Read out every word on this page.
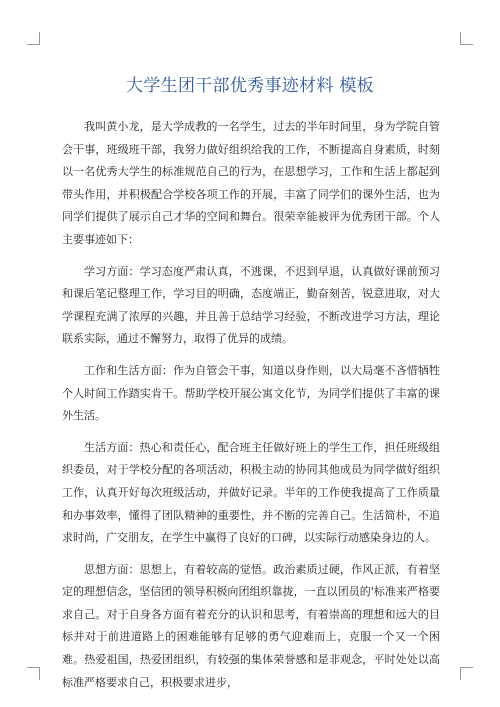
大学生团干部优秀事迹材料 模板

我叫黄小龙，是大学成教的一名学生，过去的半年时间里，身为学院自管会干事，班级班干部，我努力做好组织给我的工作，不断提高自身素质，时刻以一名优秀大学生的标准规范自己的行为，在思想学习，工作和生活上都起到带头作用，并积极配合学校各项工作的开展，丰富了同学们的课外生活，也为同学们提供了展示自己才华的空间和舞台。很荣幸能被评为优秀团干部。个人主要事迹如下：

学习方面：学习态度严肃认真，不逃课，不迟到早退，认真做好课前预习和课后笔记整理工作，学习目的明确，态度端正，勤奋刻苦，锐意进取，对大学课程充满了浓厚的兴趣，并且善于总结学习经验，不断改进学习方法，理论联系实际，通过不懈努力，取得了优异的成绩。

工作和生活方面：作为自管会干事，知道以身作则，以大局毫不吝惜牺牲个人时间工作踏实肯干。帮助学校开展公寓文化节，为同学们提供了丰富的课外生活。

生活方面：热心和责任心，配合班主任做好班上的学生工作，担任班级组织委员，对于学校分配的各项活动，积极主动的协同其他成员为同学做好组织工作，认真开好每次班级活动，并做好记录。半年的工作使我提高了工作质量和办事效率，懂得了团队精神的重要性，并不断的完善自己。生活简朴，不追求时尚，广交朋友，在学生中赢得了良好的口碑，以实际行动感染身边的人。

思想方面：思想上，有着较高的觉悟。政治素质过硬，作风正派，有着坚定的理想信念，坚信团的领导积极向团组织靠拢，一直以团员的'标准来严格要求自己。对于自身各方面有着充分的认识和思考，有着崇高的理想和远大的目标并对于前进道路上的困难能够有足够的勇气迎难而上，克服一个又一个困难。热爱祖国，热爱团组织，有较强的集体荣誉感和是非观念，平时处处以高标准严格要求自己，积极要求进步，
